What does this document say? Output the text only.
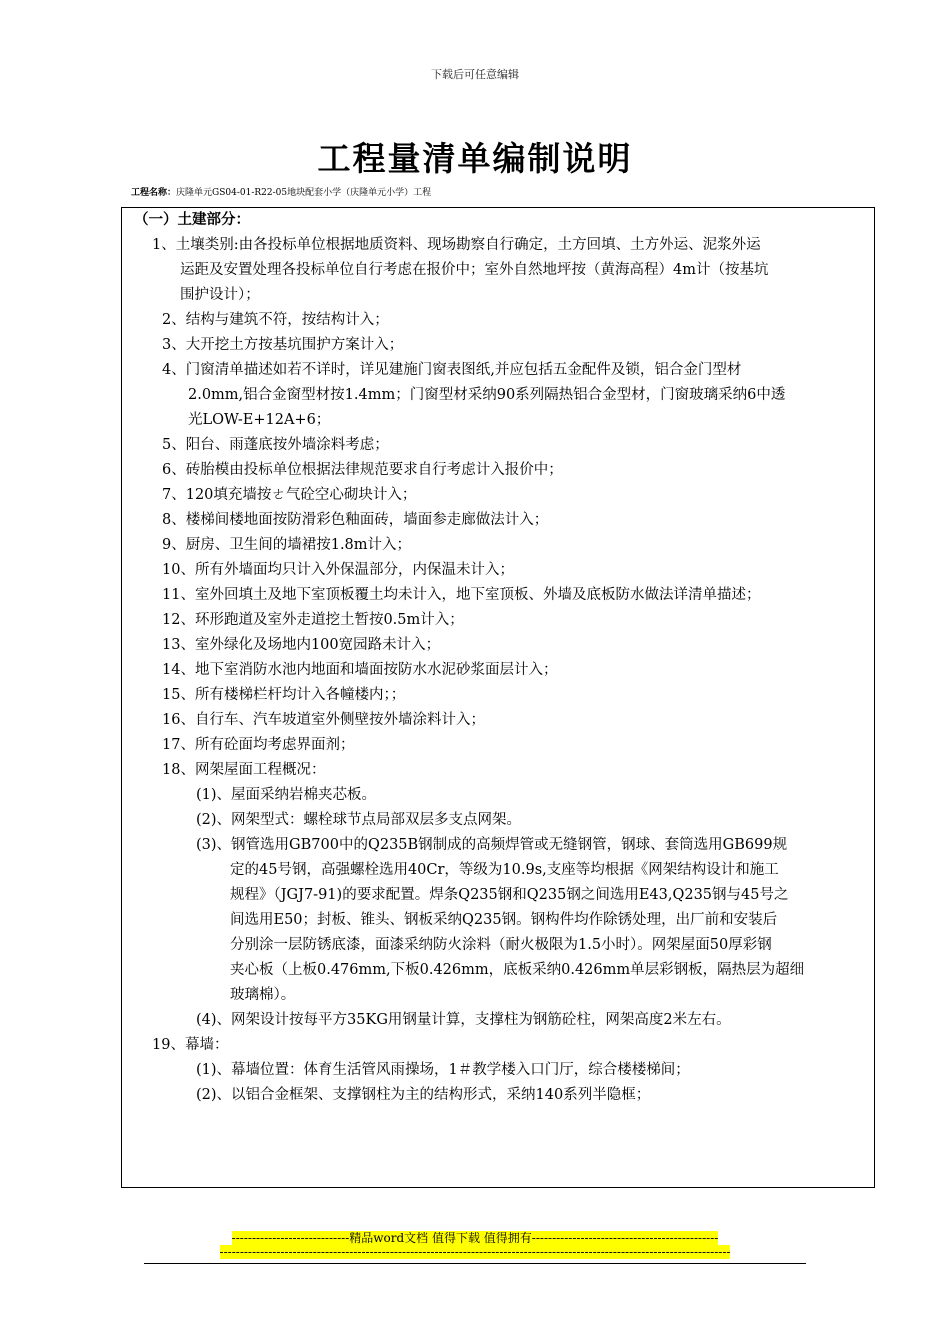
下载后可任意编辑
工程量清单编制说明
工程名称：庆隆单元GS04-01-R22-05地块配套小学（庆隆单元小学）工程
（一）土建部分：
1、土壤类别:由各投标单位根据地质资料、现场勘察自行确定，土方回填、土方外运、泥浆外运
运距及安置处理各投标单位自行考虑在报价中；室外自然地坪按（黄海高程）4m计（按基坑
围护设计）；
2、结构与建筑不符，按结构计入；
3、大开挖土方按基坑围护方案计入；
4、门窗清单描述如若不详时，详见建施门窗表图纸,并应包括五金配件及锁，铝合金门型材
2.0mm,铝合金窗型材按1.4mm；门窗型材采纳90系列隔热铝合金型材，门窗玻璃采纳6中透
光LOW-E+12A+6；
5、阳台、雨蓬底按外墙涂料考虑；
6、砖胎模由投标单位根据法律规范要求自行考虑计入报价中；
7、120填充墙按ㄜ气砼空心砌块计入；
8、楼梯间楼地面按防滑彩色釉面砖，墙面参走廊做法计入；
9、厨房、卫生间的墙裙按1.8m计入；
10、所有外墙面均只计入外保温部分，内保温未计入；
11、室外回填土及地下室顶板覆土均未计入，地下室顶板、外墙及底板防水做法详清单描述；
12、环形跑道及室外走道挖土暂按0.5m计入；
13、室外绿化及场地内100宽园路未计入；
14、地下室消防水池内地面和墙面按防水水泥砂浆面层计入；
15、所有楼梯栏杆均计入各幢楼内；；
16、自行车、汽车坡道室外侧壁按外墙涂料计入；
17、所有砼面均考虑界面剂；
18、网架屋面工程概况：
(1)、屋面采纳岩棉夹芯板。
(2)、网架型式：螺栓球节点局部双层多支点网架。
(3)、钢管选用GB700中的Q235B钢制成的高频焊管或无缝钢管，钢球、套筒选用GB699规
定的45号钢，高强螺栓选用40Cr，等级为10.9s,支座等均根据《网架结构设计和施工
规程》（JGJ7-91)的要求配置。焊条Q235钢和Q235钢之间选用E43,Q235钢与45号之
间选用E50；封板、锥头、钢板采纳Q235钢。钢构件均作除锈处理，出厂前和安装后
分别涂一层防锈底漆，面漆采纳防火涂料（耐火极限为1.5小时）。网架屋面50厚彩钢
夹心板（上板0.476mm,下板0.426mm，底板采纳0.426mm单层彩钢板，隔热层为超细
玻璃棉）。
(4)、网架设计按每平方35KG用钢量计算，支撑柱为钢筋砼柱，网架高度2米左右。
19、幕墙：
(1)、幕墙位置：体育生活管风雨操场，1＃教学楼入口门厅，综合楼楼梯间；
(2)、以铝合金框架、支撑钢柱为主的结构形式，采纳140系列半隐框；
-----------------------------精品word文档 值得下载 值得拥有----------------------------------------------
------------------------------------------------------------------------------------------------------------------------------
